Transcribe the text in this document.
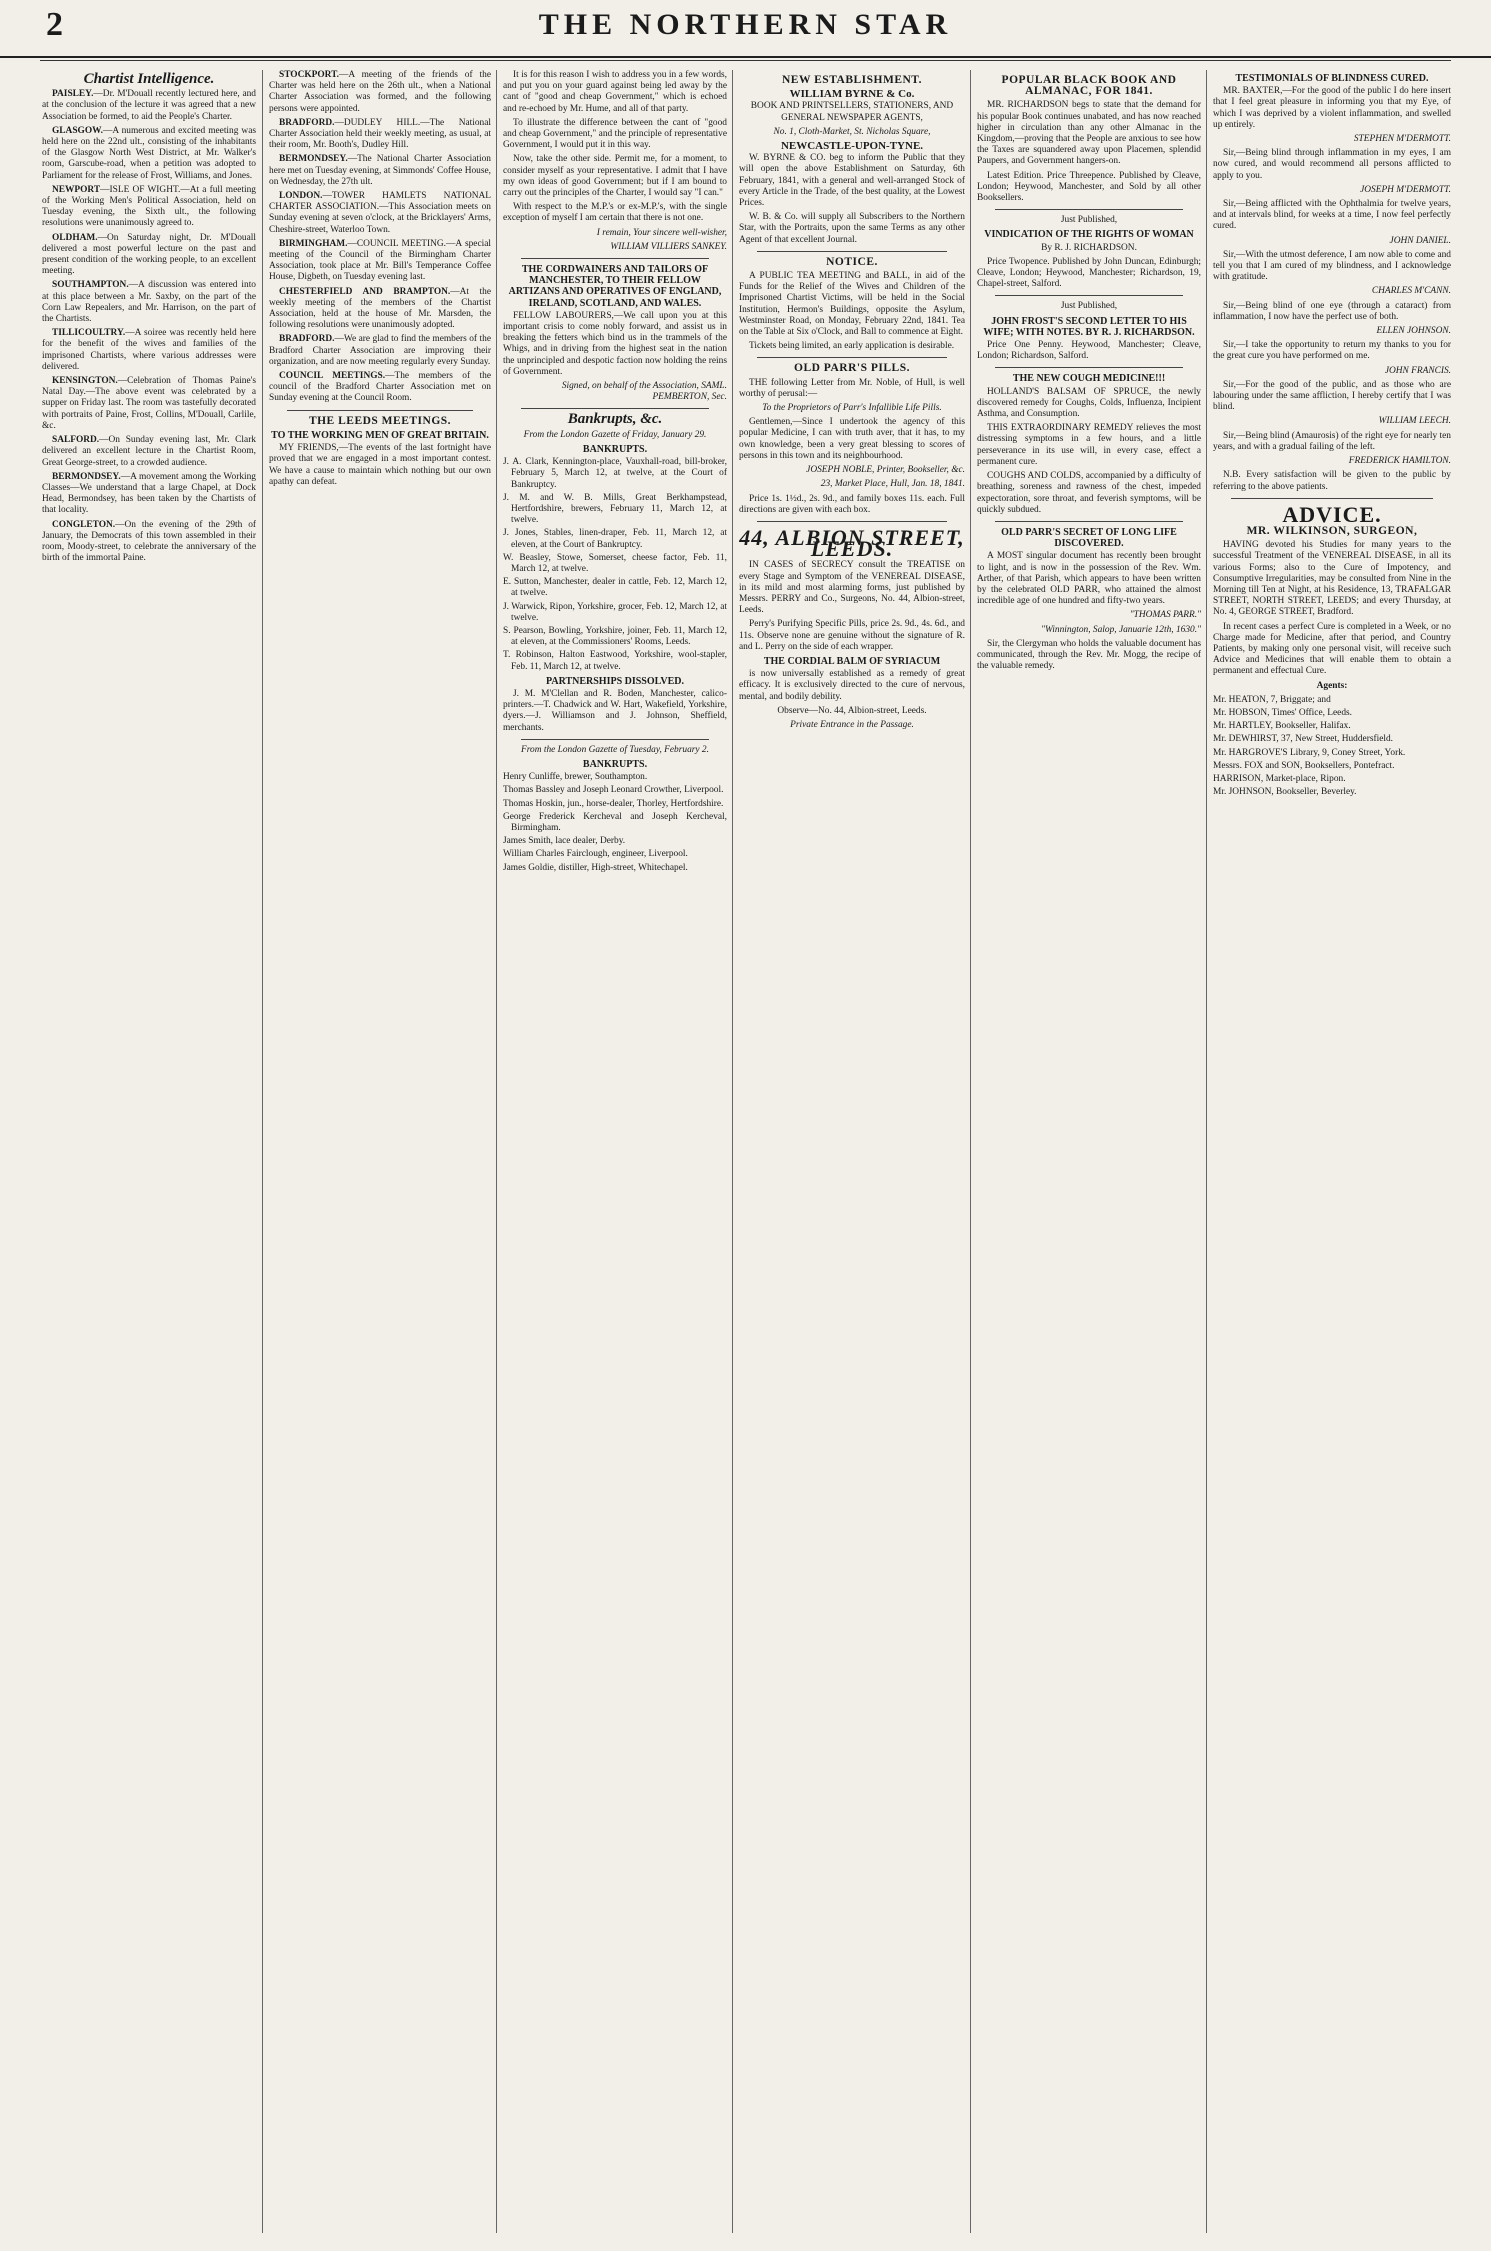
2	THE NORTHERN STAR
Chartist Intelligence.

PAISLEY.—Dr. M'Douall recently lectured here, and at the conclusion of the lecture it was agreed that a new Association be formed, to aid the People's Charter.

GLASGOW.—A numerous and excited meeting was held here on the 22nd ult., consisting of the inhabitants of the Glasgow North West District, at Mr. Walker's room, Garscube-road, when a petition was adopted to Parliament for the release of Frost, Williams, and Jones.

NEWPORT—ISLE OF WIGHT.—At a full meeting of the Working Men's Political Association, held on Tuesday evening, the Sixth ult., the following resolutions were unanimously agreed to.

OLDHAM.—On Saturday night, Dr. M'Douall delivered a most powerful lecture on the past and present condition of the working people, to an excellent meeting.

SOUTHAMPTON.—A discussion was entered into at this place between a Mr. Saxby, on the part of the Corn Law Repealers, and Mr. Harrison, on the part of the Chartists.

TILLICOULTRY.—A soiree was recently held here for the benefit of the wives and families of the imprisoned Chartists, where various addresses were delivered.

KENSINGTON.—Celebration of Thomas Paine's Natal Day.—The above event was celebrated by a supper on Friday last. The room was tastefully decorated with portraits of Paine, Frost, Collins, M'Douall, Carlile, &c.

SALFORD.—On Sunday evening last, Mr. Clark delivered an excellent lecture in the Chartist Room, Great George-street, to a crowded audience.

BERMONDSEY.—A movement among the Working Classes—We understand that a large Chapel, at Dock Head, Bermondsey, has been taken by the Chartists of that locality.

CONGLETON.—On the evening of the 29th of January, the Democrats of this town assembled in their room, Moody-street, to celebrate the anniversary of the birth of the immortal Paine.

STOCKPORT.—A meeting of the friends of the Charter was held here on the 26th ult., when a National Charter Association was formed, and the following persons were appointed.

BRADFORD.—DUDLEY HILL.—The National Charter Association held their weekly meeting, as usual, at their room, Mr. Booth's, Dudley Hill.

BERMONDSEY.—The National Charter Association here met on Tuesday evening, at Simmonds' Coffee House, on Wednesday, the 27th ult.

LONDON.—TOWER HAMLETS NATIONAL CHARTER ASSOCIATION.—This Association meets on Sunday evening at seven o'clock, at the Bricklayers' Arms, Cheshire-street, Waterloo Town.

BIRMINGHAM.—COUNCIL MEETING.—A special meeting of the Council of the Birmingham Charter Association, took place at Mr. Bill's Temperance Coffee House, Digbeth, on Tuesday evening last.

CHESTERFIELD AND BRAMPTON.—At the weekly meeting of the members of the Chartist Association, held at the house of Mr. Marsden, the following resolutions were unanimously adopted.

BRADFORD.—We are glad to find the members of the Bradford Charter Association are improving their organization, and are now meeting regularly every Sunday.

COUNCIL MEETINGS.—The members of the council of the Bradford Charter Association met on Sunday evening at the Council Room.

THE LEEDS MEETINGS.
TO THE WORKING MEN OF GREAT BRITAIN.

MY FRIENDS,—The events of the last fortnight have proved that we are engaged in a most important contest. We have a cause to maintain which nothing but our own apathy can defeat.

It is for this reason I wish to address you in a few words, and put you on your guard against being led away by the cant of "good and cheap Government," which is echoed and re-echoed by Mr. Hume, and all of that party.

To illustrate the difference between the cant of "good and cheap Government," and the principle of representative Government, I would put it in this way.

Now, take the other side. Permit me, for a moment, to consider myself as your representative. I admit that I have my own ideas of good Government; but if I am bound to carry out the principles of the Charter, I would say "I can."

With respect to the M.P.'s or ex-M.P.'s, with the single exception of myself I am certain that there is not one.

I remain, Your sincere well-wisher,

WILLIAM VILLIERS SANKEY.

THE CORDWAINERS AND TAILORS OF MANCHESTER, TO THEIR FELLOW ARTIZANS AND OPERATIVES OF ENGLAND, IRELAND, SCOTLAND, AND WALES.

FELLOW LABOURERS,—We call upon you at this important crisis to come nobly forward, and assist us in breaking the fetters which bind us in the trammels of the Whigs, and in driving from the highest seat in the nation the unprincipled and despotic faction now holding the reins of Government.

Signed, on behalf of the Association, SAML. PEMBERTON, Sec.

Bankrupts, &c.

From the London Gazette of Friday, January 29.

BANKRUPTS.
J. A. Clark, Kennington-place, Vauxhall-road, bill-broker, February 5, March 12, at twelve, at the Court of Bankruptcy.
J. M. and W. B. Mills, Great Berkhampstead, Hertfordshire, brewers, February 11, March 12, at twelve.
J. Jones, Stables, linen-draper, Feb. 11, March 12, at eleven, at the Court of Bankruptcy.
W. Beasley, Stowe, Somerset, cheese factor, Feb. 11, March 12, at twelve.
E. Sutton, Manchester, dealer in cattle, Feb. 12, March 12, at twelve.
J. Warwick, Ripon, Yorkshire, grocer, Feb. 12, March 12, at twelve.
S. Pearson, Bowling, Yorkshire, joiner, Feb. 11, March 12, at eleven, at the Commissioners' Rooms, Leeds.
T. Robinson, Halton Eastwood, Yorkshire, wool-stapler, Feb. 11, March 12, at twelve.
PARTNERSHIPS DISSOLVED.

J. M. M'Clellan and R. Boden, Manchester, calico-printers.—T. Chadwick and W. Hart, Wakefield, Yorkshire, dyers.—J. Williamson and J. Johnson, Sheffield, merchants.

From the London Gazette of Tuesday, February 2.

BANKRUPTS.
Henry Cunliffe, brewer, Southampton.
Thomas Bassley and Joseph Leonard Crowther, Liverpool.
Thomas Hoskin, jun., horse-dealer, Thorley, Hertfordshire.
George Frederick Kercheval and Joseph Kercheval, Birmingham.
James Smith, lace dealer, Derby.
William Charles Fairclough, engineer, Liverpool.
James Goldie, distiller, High-street, Whitechapel.
NEW ESTABLISHMENT.
WILLIAM BYRNE & Co.

BOOK AND PRINTSELLERS, STATIONERS, AND GENERAL NEWSPAPER AGENTS,

No. 1, Cloth-Market, St. Nicholas Square,
NEWCASTLE-UPON-TYNE.

W. BYRNE & CO. beg to inform the Public that they will open the above Establishment on Saturday, 6th February, 1841, with a general and well-arranged Stock of every Article in the Trade, of the best quality, at the Lowest Prices.

W. B. & Co. will supply all Subscribers to the Northern Star, with the Portraits, upon the same Terms as any other Agent of that excellent Journal.

NOTICE.

A PUBLIC TEA MEETING and BALL, in aid of the Funds for the Relief of the Wives and Children of the Imprisoned Chartist Victims, will be held in the Social Institution, Hermon's Buildings, opposite the Asylum, Westminster Road, on Monday, February 22nd, 1841. Tea on the Table at Six o'Clock, and Ball to commence at Eight.

Tickets being limited, an early application is desirable.

OLD PARR'S PILLS.

THE following Letter from Mr. Noble, of Hull, is well worthy of perusal:—

To the Proprietors of Parr's Infallible Life Pills.

Gentlemen,—Since I undertook the agency of this popular Medicine, I can with truth aver, that it has, to my own knowledge, been a very great blessing to scores of persons in this town and its neighbourhood.

JOSEPH NOBLE, Printer, Bookseller, &c.

23, Market Place, Hull, Jan. 18, 1841.

Price 1s. 1½d., 2s. 9d., and family boxes 11s. each. Full directions are given with each box.

44, ALBION STREET, LEEDS.

IN CASES of SECRECY consult the TREATISE on every Stage and Symptom of the VENEREAL DISEASE, in its mild and most alarming forms, just published by Messrs. PERRY and Co., Surgeons, No. 44, Albion-street, Leeds.

Perry's Purifying Specific Pills, price 2s. 9d., 4s. 6d., and 11s. Observe none are genuine without the signature of R. and L. Perry on the side of each wrapper.

THE CORDIAL BALM OF SYRIACUM

is now universally established as a remedy of great efficacy. It is exclusively directed to the cure of nervous, mental, and bodily debility.

Observe—No. 44, Albion-street, Leeds.

Private Entrance in the Passage.

POPULAR BLACK BOOK AND ALMANAC, FOR 1841.

MR. RICHARDSON begs to state that the demand for his popular Book continues unabated, and has now reached higher in circulation than any other Almanac in the Kingdom,—proving that the People are anxious to see how the Taxes are squandered away upon Placemen, splendid Paupers, and Government hangers-on.

Latest Edition. Price Threepence. Published by Cleave, London; Heywood, Manchester, and Sold by all other Booksellers.

Just Published,

VINDICATION OF THE RIGHTS OF WOMAN

By R. J. RICHARDSON.

Price Twopence. Published by John Duncan, Edinburgh; Cleave, London; Heywood, Manchester; Richardson, 19, Chapel-street, Salford.

Just Published,

JOHN FROST'S SECOND LETTER TO HIS WIFE; WITH NOTES. BY R. J. RICHARDSON.

Price One Penny. Heywood, Manchester; Cleave, London; Richardson, Salford.

THE NEW COUGH MEDICINE!!!

HOLLAND'S BALSAM OF SPRUCE, the newly discovered remedy for Coughs, Colds, Influenza, Incipient Asthma, and Consumption.

THIS EXTRAORDINARY REMEDY relieves the most distressing symptoms in a few hours, and a little perseverance in its use will, in every case, effect a permanent cure.

COUGHS AND COLDS, accompanied by a difficulty of breathing, soreness and rawness of the chest, impeded expectoration, sore throat, and feverish symptoms, will be quickly subdued.

OLD PARR'S SECRET OF LONG LIFE DISCOVERED.

A MOST singular document has recently been brought to light, and is now in the possession of the Rev. Wm. Arther, of that Parish, which appears to have been written by the celebrated OLD PARR, who attained the almost incredible age of one hundred and fifty-two years.

"THOMAS PARR."

"Winnington, Salop, Januarie 12th, 1630."

Sir, the Clergyman who holds the valuable document has communicated, through the Rev. Mr. Mogg, the recipe of the valuable remedy.

TESTIMONIALS OF BLINDNESS CURED.

MR. BAXTER,—For the good of the public I do here insert that I feel great pleasure in informing you that my Eye, of which I was deprived by a violent inflammation, and swelled up entirely.

STEPHEN M'DERMOTT.

Sir,—Being blind through inflammation in my eyes, I am now cured, and would recommend all persons afflicted to apply to you.

JOSEPH M'DERMOTT.

Sir,—Being afflicted with the Ophthalmia for twelve years, and at intervals blind, for weeks at a time, I now feel perfectly cured.

JOHN DANIEL.

Sir,—With the utmost deference, I am now able to come and tell you that I am cured of my blindness, and I acknowledge with gratitude.

CHARLES M'CANN.

Sir,—Being blind of one eye (through a cataract) from inflammation, I now have the perfect use of both.

ELLEN JOHNSON.

Sir,—I take the opportunity to return my thanks to you for the great cure you have performed on me.

JOHN FRANCIS.

Sir,—For the good of the public, and as those who are labouring under the same affliction, I hereby certify that I was blind.

WILLIAM LEECH.

Sir,—Being blind (Amaurosis) of the right eye for nearly ten years, and with a gradual failing of the left.

FREDERICK HAMILTON.

N.B. Every satisfaction will be given to the public by referring to the above patients.

ADVICE.
MR. WILKINSON, SURGEON,

HAVING devoted his Studies for many years to the successful Treatment of the VENEREAL DISEASE, in all its various Forms; also to the Cure of Impotency, and Consumptive Irregularities, may be consulted from Nine in the Morning till Ten at Night, at his Residence, 13, TRAFALGAR STREET, NORTH STREET, LEEDS; and every Thursday, at No. 4, GEORGE STREET, Bradford.

In recent cases a perfect Cure is completed in a Week, or no Charge made for Medicine, after that period, and Country Patients, by making only one personal visit, will receive such Advice and Medicines that will enable them to obtain a permanent and effectual Cure.

Agents:

Mr. HEATON, 7, Briggate; and
Mr. HOBSON, Times' Office, Leeds.
Mr. HARTLEY, Bookseller, Halifax.
Mr. DEWHIRST, 37, New Street, Huddersfield.
Mr. HARGROVE'S Library, 9, Coney Street, York.
Messrs. FOX and SON, Booksellers, Pontefract.
HARRISON, Market-place, Ripon.
Mr. JOHNSON, Bookseller, Beverley.
